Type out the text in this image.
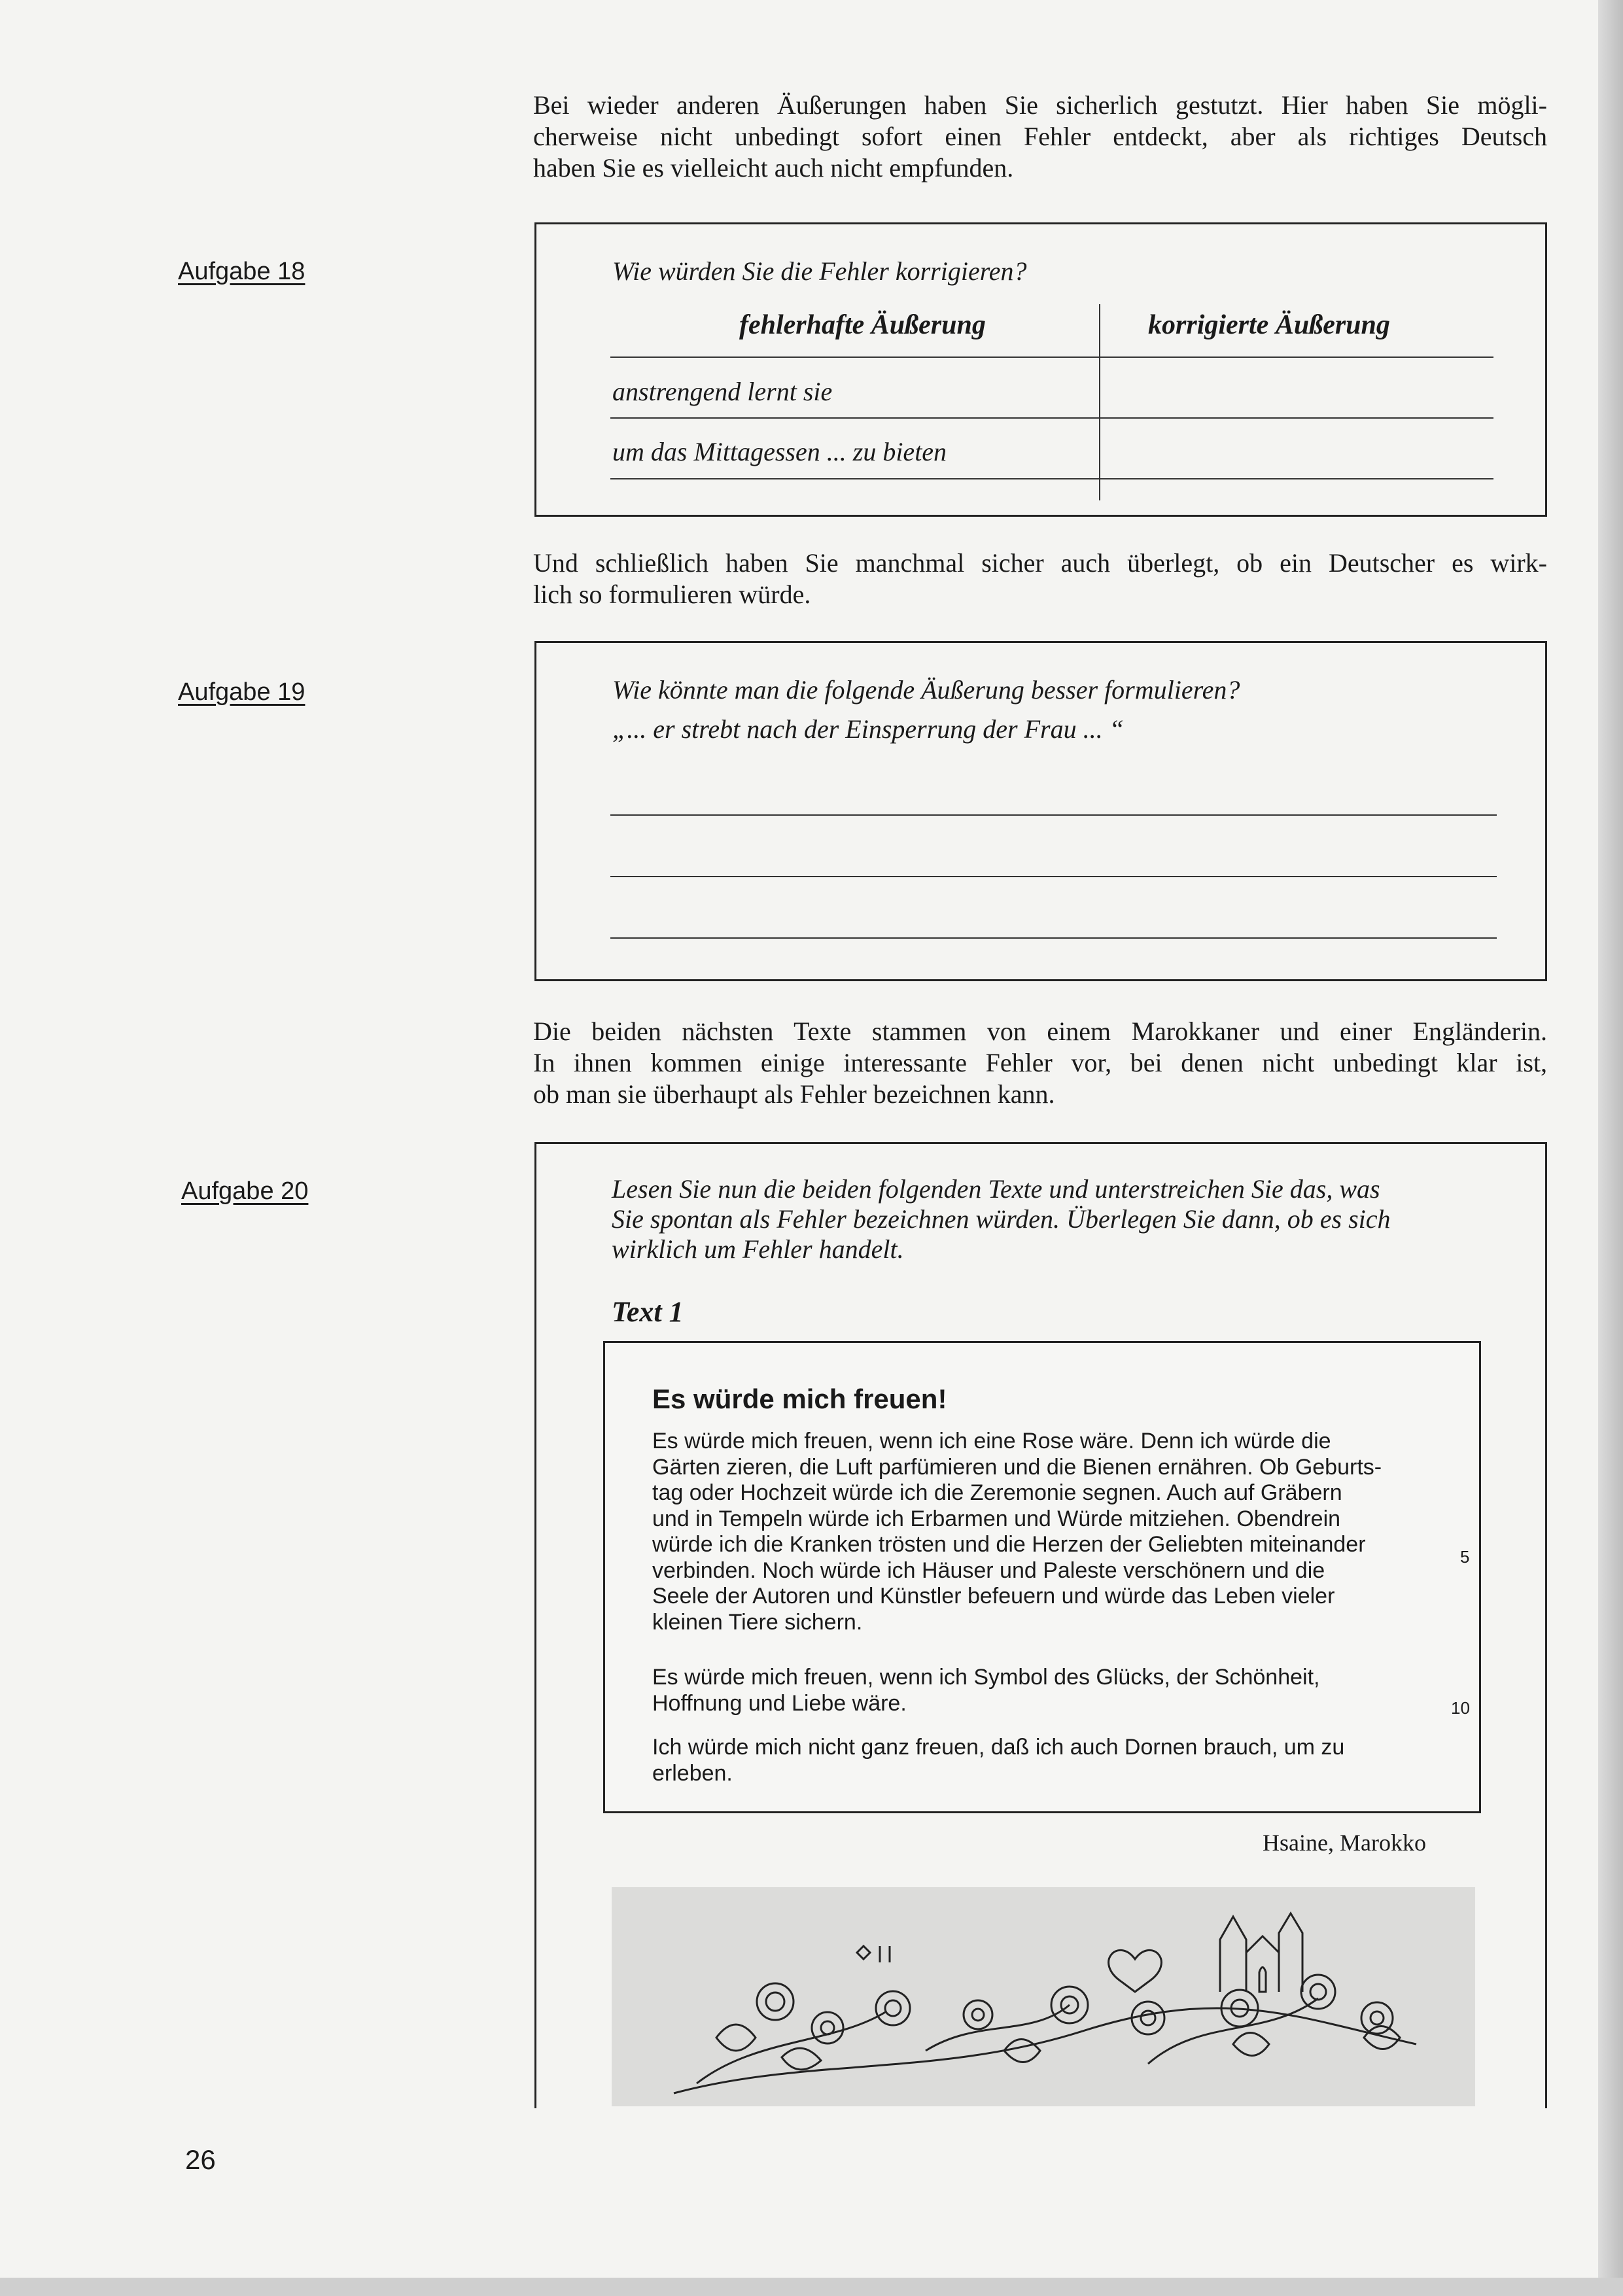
Bei wieder anderen Äußerungen haben Sie sicherlich gestutzt. Hier haben Sie mögli-
cherweise nicht unbedingt sofort einen Fehler entdeckt, aber als richtiges Deutsch
haben Sie es vielleicht auch nicht empfunden.
Aufgabe 18	Wie würden Sie die Fehler korrigieren?
fehlerhafte Äußerung	korrigierte Äußerung
anstrengend lernt sie
um das Mittagessen ... zu bieten
Und schließlich haben Sie manchmal sicher auch überlegt, ob ein Deutscher es wirk-
lich so formulieren würde.
Aufgabe 19	Wie könnte man die folgende Äußerung besser formulieren?
„... er strebt nach der Einsperrung der Frau ... “
Die beiden nächsten Texte stammen von einem Marokkaner und einer Engländerin.
In ihnen kommen einige interessante Fehler vor, bei denen nicht unbedingt klar ist,
ob man sie überhaupt als Fehler bezeichnen kann.
Aufgabe 20	Lesen Sie nun die beiden folgenden Texte und unterstreichen Sie das, was
Sie spontan als Fehler bezeichnen würden. Überlegen Sie dann, ob es sich
wirklich um Fehler handelt.
Text 1
Es würde mich freuen!
Es würde mich freuen, wenn ich eine Rose wäre. Denn ich würde die
Gärten zieren, die Luft parfümieren und die Bienen ernähren. Ob Geburts-
tag oder Hochzeit würde ich die Zeremonie segnen. Auch auf Gräbern
und in Tempeln würde ich Erbarmen und Würde mitziehen. Obendrein
würde ich die Kranken trösten und die Herzen der Geliebten miteinander
verbinden. Noch würde ich Häuser und Paleste verschönern und die
Seele der Autoren und Künstler befeuern und würde das Leben vieler
kleinen Tiere sichern.
Es würde mich freuen, wenn ich Symbol des Glücks, der Schönheit,
Hoffnung und Liebe wäre.
Ich würde mich nicht ganz freuen, daß ich auch Dornen brauch, um zu
erleben.
5
10
Hsaine, Marokko
26
